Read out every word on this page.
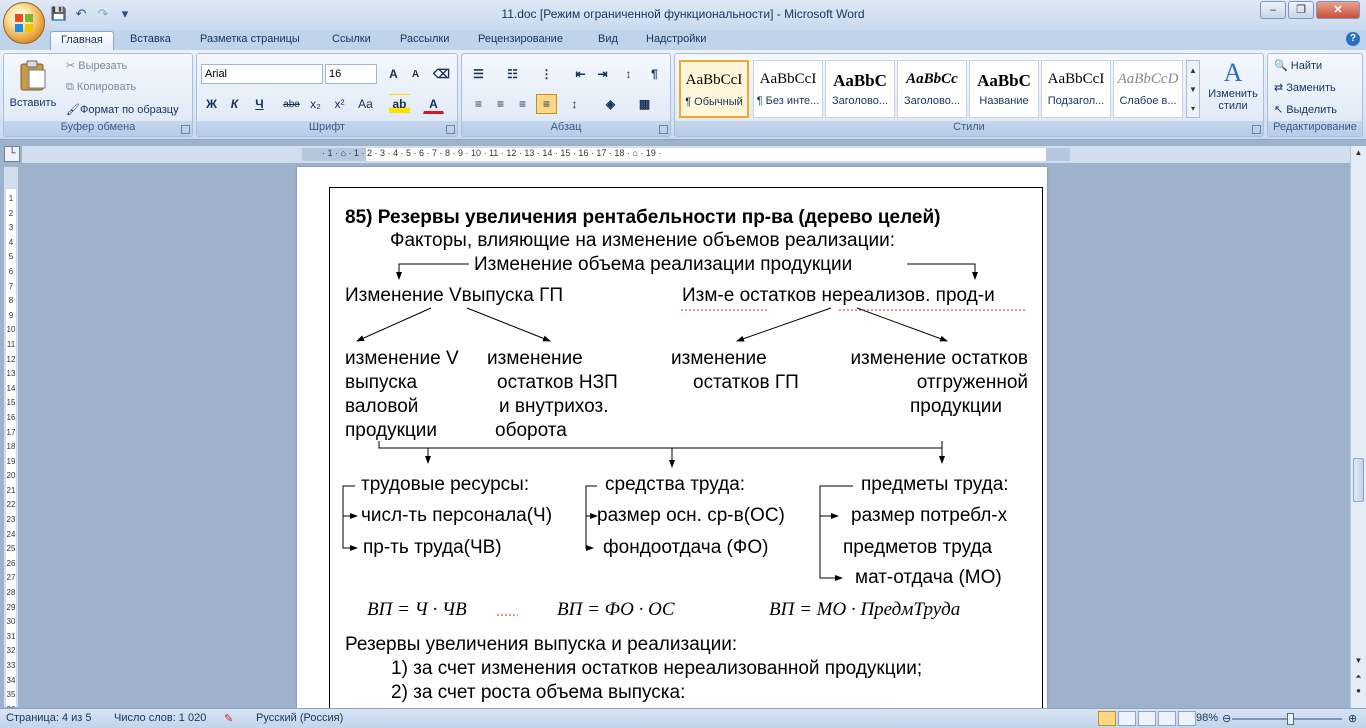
💾 ↶ ↷	▾	11.doc [Режим ограниченной функциональности] - Microsoft Word	–	❐	✕
Главная	Вставка	Разметка страницы	Ссылки	Рассылки	Рецензирование	Вид	Надстройки	?
Вставить
✂ Вырезать
⧉ Копировать
🖌Формат по образцу
Буфер обмена
Arial	16	A	A	⌫
Ж	К	Ч	abe x₂	x²	Aa ab	A
Шрифт
☰	☷	⋮	⇤ ⇥	↕	¶
≡	≡	≡	≡	↕	◈	▦
Абзац
AaBbCcI
¶ Обычный
AaBbCcI
¶ Без инте...
AaBbC
Заголово...
AaBbCc
Заголово...
AaBbC
Название
AaBbCcI
Подзагол...
AaBbCcD
Слабое в...
▲
▼
▾
A
Изменить стили
Стили
🔍 Найти
⇄ Заменить
↖ Выделить
Редактирование
└	· 1 · ⌂ · 1 · 2 · 3 · 4 · 5 · 6 · 7 · 8 · 9 · 10 · 11 · 12 · 13 · 14 · 15 · 16 · 17 · 18 · ⌂ · 19 ·
1
2
3
4
5
6
7
8
9
10
11
12
13
14
15
16
17
18
19
20
21
22
23
24
25
26
27
28
29
30
31
32
33
34
35
▲
▼
⏶
●
85) Резервы увеличения рентабельности пр-ва (дерево целей)
Факторы, влияющие на изменение объемов реализации:
Изменение объема реализации продукции
Изменение Vвыпуска ГП	Изм-е остатков нереализов. прод-и
изменение V
выпуска
валовой
продукции
изменение
остатков НЗП
и внутрихоз.
оборота
изменение
остатков ГП
изменение остатков
отгруженной
продукции
трудовые ресурсы:
числ-ть персонала(Ч)
пр-ть труда(ЧВ)
средства труда:
размер осн. ср-в(ОС)
фондоотдача (ФО)
предметы труда:
размер потребл-х
предметов труда
мат-отдача (МО)
ВП = Ч · ЧВ	ВП = ФО · ОС	ВП = МО · ПредмТруда
Резервы увеличения выпуска и реализации:
1) за счет изменения остатков нереализованной продукции;
2) за счет роста объема выпуска:
Страница: 4 из 5 Число слов: 1 020 ✎ Русский (Россия)	98% ⊖	⊕
